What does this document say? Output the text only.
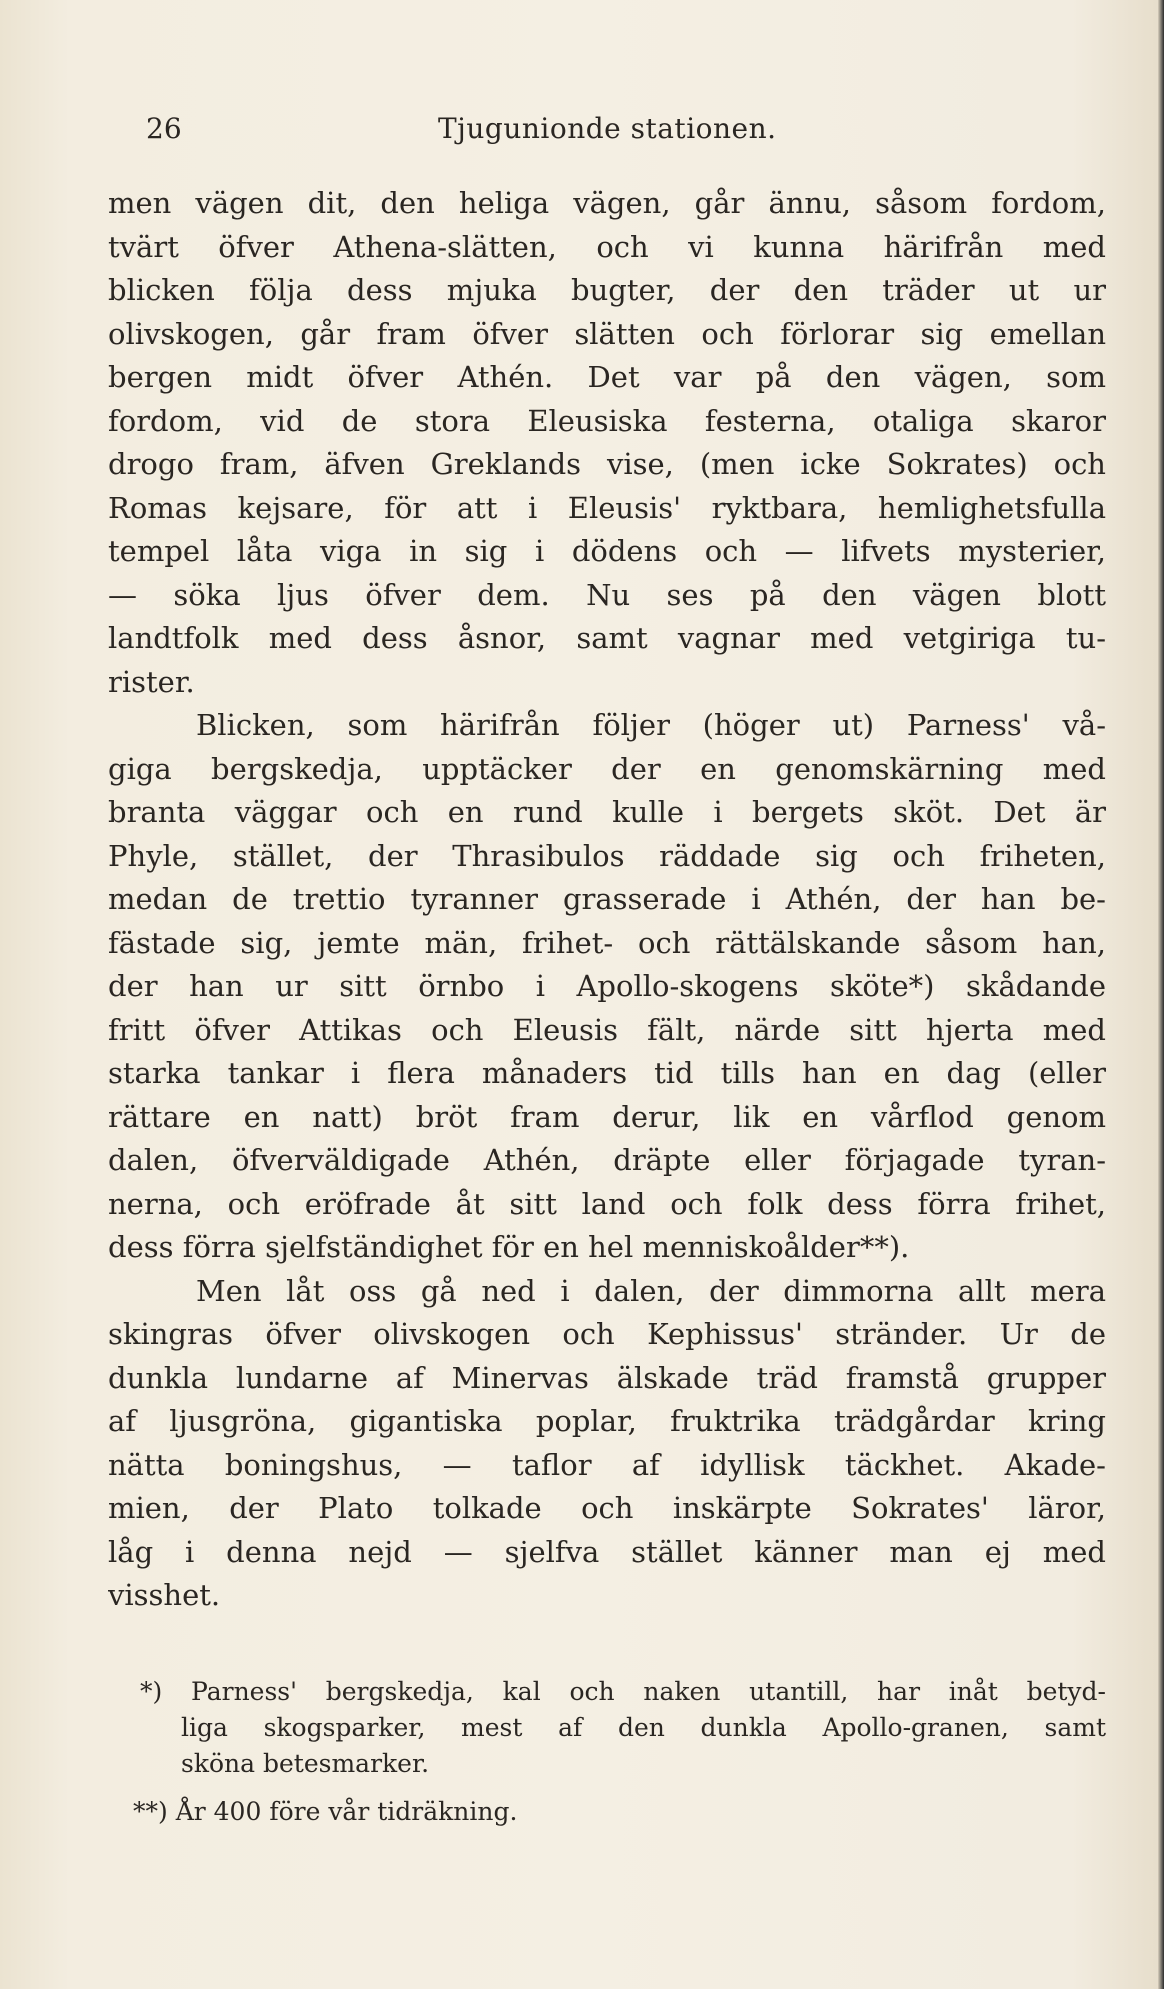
26	Tjugunionde stationen.
men vägen dit, den heliga vägen, går ännu, såsom fordom,
tvärt öfver Athena-slätten, och vi kunna härifrån med
blicken följa dess mjuka bugter, der den träder ut ur
olivskogen, går fram öfver slätten och förlorar sig emellan
bergen midt öfver Athén. Det var på den vägen, som
fordom, vid de stora Eleusiska festerna, otaliga skaror
drogo fram, äfven Greklands vise, (men icke Sokrates) och
Romas kejsare, för att i Eleusis' ryktbara, hemlighetsfulla
tempel låta viga in sig i dödens och — lifvets mysterier,
— söka ljus öfver dem. Nu ses på den vägen blott
landtfolk med dess åsnor, samt vagnar med vetgiriga tu-
rister.
Blicken, som härifrån följer (höger ut) Parness' vå-
giga bergskedja, upptäcker der en genomskärning med
branta väggar och en rund kulle i bergets sköt. Det är
Phyle, stället, der Thrasibulos räddade sig och friheten,
medan de trettio tyranner grasserade i Athén, der han be-
fästade sig, jemte män, frihet- och rättälskande såsom han,
der han ur sitt örnbo i Apollo-skogens sköte*) skådande
fritt öfver Attikas och Eleusis fält, närde sitt hjerta med
starka tankar i flera månaders tid tills han en dag (eller
rättare en natt) bröt fram derur, lik en vårflod genom
dalen, öfverväldigade Athén, dräpte eller förjagade tyran-
nerna, och eröfrade åt sitt land och folk dess förra frihet,
dess förra sjelfständighet för en hel menniskoålder**).
Men låt oss gå ned i dalen, der dimmorna allt mera
skingras öfver olivskogen och Kephissus' stränder. Ur de
dunkla lundarne af Minervas älskade träd framstå grupper
af ljusgröna, gigantiska poplar, fruktrika trädgårdar kring
nätta boningshus, — taflor af idyllisk täckhet. Akade-
mien, der Plato tolkade och inskärpte Sokrates' läror,
låg i denna nejd — sjelfva stället känner man ej med
visshet.
*) Parness' bergskedja, kal och naken utantill, har inåt betyd-
liga skogsparker, mest af den dunkla Apollo-granen, samt
sköna betesmarker.
**) År 400 före vår tidräkning.
